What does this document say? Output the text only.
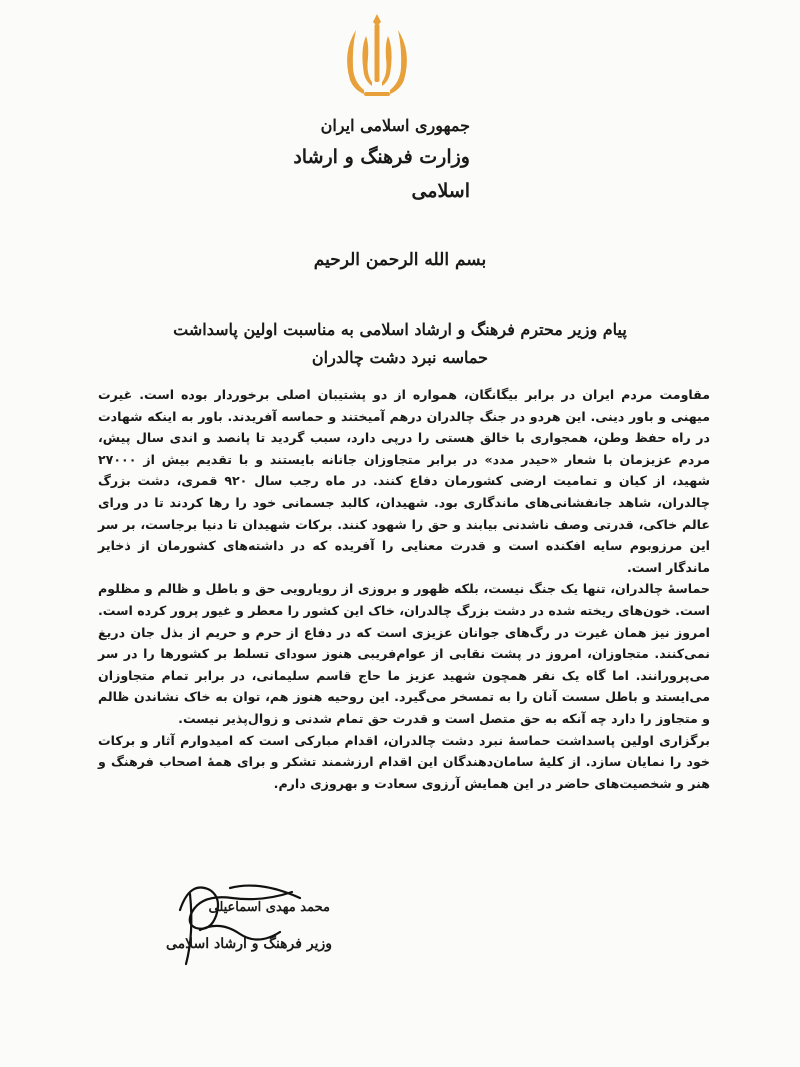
جمهوری اسلامی ایران
وزارت فرهنگ و ارشاد اسلامی
بسم الله الرحمن الرحیم
پیام وزیر محترم فرهنگ و ارشاد اسلامی به مناسبت اولین پاسداشت حماسه نبرد دشت چالدران

مقاومت مردم ایران در برابر بیگانگان، همواره از دو پشتیبان اصلی برخوردار بوده است. غیرت میهنی و باور دینی. این هردو در جنگ چالدران درهم آمیختند و حماسه آفریدند. باور به اینکه شهادت در راه حفظ وطن، همجواری با خالق هستی را درپی دارد، سبب گردید تا پانصد و اندی سال پیش، مردم عزیزمان با شعار «حیدر مدد» در برابر متجاوزان جانانه بایستند و با تقدیم بیش از ۲۷۰۰۰ شهید، از کیان و تمامیت ارضی کشورمان دفاع کنند. در ماه رجب سال ۹۲۰ قمری، دشت بزرگ چالدران، شاهد جانفشانی‌های ماندگاری بود. شهیدان، کالبد جسمانی خود را رها کردند تا در ورای عالم خاکی، قدرتی وصف ناشدنی بیابند و حق را شهود کنند. برکات شهیدان تا دنیا برجاست، بر سر این مرزوبوم سایه افکنده است و قدرت معنایی را آفریده که در داشته‌های کشورمان از ذخایر ماندگار است.

حماسهٔ چالدران، تنها یک جنگ نیست، بلکه ظهور و بروزی از رویارویی حق و باطل و ظالم و مظلوم است. خون‌های ریخته شده در دشت بزرگ چالدران، خاک این کشور را معطر و غیور پرور کرده است. امروز نیز همان غیرت در رگ‌های جوانان عزیزی است که در دفاع از حرم و حریم از بذل جان دریغ نمی‌کنند. متجاوزان، امروز در پشت نقابی از عوام‌فریبی هنوز سودای تسلط بر کشورها را در سر می‌پرورانند. اما گاه یک نفر همچون شهید عزیز ما حاج قاسم سلیمانی، در برابر تمام متجاوزان می‌ایستد و باطل سست آنان را به تمسخر می‌گیرد. این روحیه هنوز هم، توان به خاک نشاندن ظالم و متجاوز را دارد چه آنکه به حق متصل است و قدرت حق تمام شدنی و زوال‌پذیر نیست.

برگزاری اولین پاسداشت حماسهٔ نبرد دشت چالدران، اقدام مبارکی است که امیدوارم آثار و برکات خود را نمایان سازد. از کلیهٔ سامان‌دهندگان این اقدام ارزشمند تشکر و برای همهٔ اصحاب فرهنگ و هنر و شخصیت‌های حاضر در این همایش آرزوی سعادت و بهروزی دارم.

محمد مهدی اسماعیلی
وزیر فرهنگ و ارشاد اسلامی
